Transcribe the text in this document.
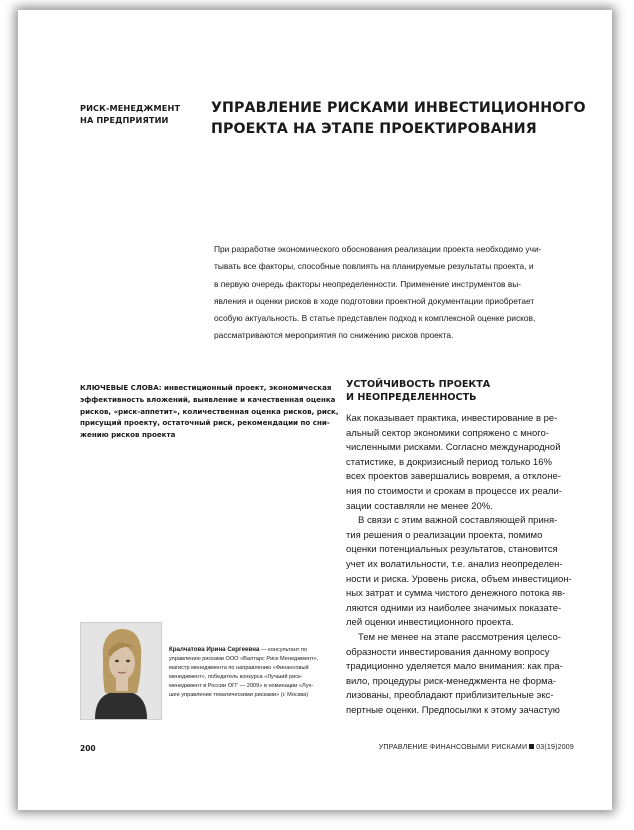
РИСК-МЕНЕДЖМЕНТ
НА ПРЕДПРИЯТИИ
УПРАВЛЕНИЕ РИСКАМИ ИНВЕСТИЦИОННОГО
ПРОЕКТА НА ЭТАПЕ ПРОЕКТИРОВАНИЯ

При разработке экономического обоснования реализации проекта необходимо учи-
тывать все факторы, способные повлиять на планируемые результаты проекта, и
в первую очередь факторы неопределенности. Применение инструментов вы-
явления и оценки рисков в ходе подготовки проектной документации приобретает
особую актуальность. В статье представлен подход к комплексной оценке рисков,
рассматриваются мероприятия по снижению рисков проекта.

КЛЮЧЕВЫЕ СЛОВА: инвестиционный проект, экономическая
эффективность вложений, выявление и качественная оценка
рисков, «риск-аппетит», количественная оценка рисков, риск,
присущий проекту, остаточный риск, рекомендации по сни-
жению рисков проекта

УСТОЙЧИВОСТЬ ПРОЕКТА
И НЕОПРЕДЕЛЕННОСТЬ
Как показывает практика, инвестирование в ре-
альный сектор экономики сопряжено с много-
численными рисками. Согласно международной
статистике, в докризисный период только 16%
всех проектов завершались вовремя, а отклоне-
ния по стоимости и срокам в процессе их реали-
зации составляли не менее 20%.
В связи с этим важной составляющей приня-
тия решения о реализации проекта, помимо
оценки потенциальных результатов, становится
учет их волатильности, т.е. анализ неопределен-
ности и риска. Уровень риска, объем инвестицион-
ных затрат и сумма чистого денежного потока яв-
ляются одними из наиболее значимых показате-
лей оценки инвестиционного проекта.
Тем не менее на этапе рассмотрения целесо-
образности инвестирования данному вопросу
традиционно уделяется мало внимания: как пра-
вило, процедуры риск-менеджмента не форма-
лизованы, преобладают приблизительные экс-
пертные оценки. Предпосылки к этому зачастую

Кралчатова Ирина Сергеевна — консультант по
управлению рисками ООО «Валтарс Риск Менеджмент»,
магистр менеджмента по направлению «Финансовый
менеджмент», победитель конкурса «Лучший риск-
менеджмент в России ОГГ — 2009» в номинации «Луч-
шее управление тематическими рисками» (г. Москва)

200	УПРАВЛЕНИЕ ФИНАНСОВЫМИ РИСКАМИ 03(19)2009
